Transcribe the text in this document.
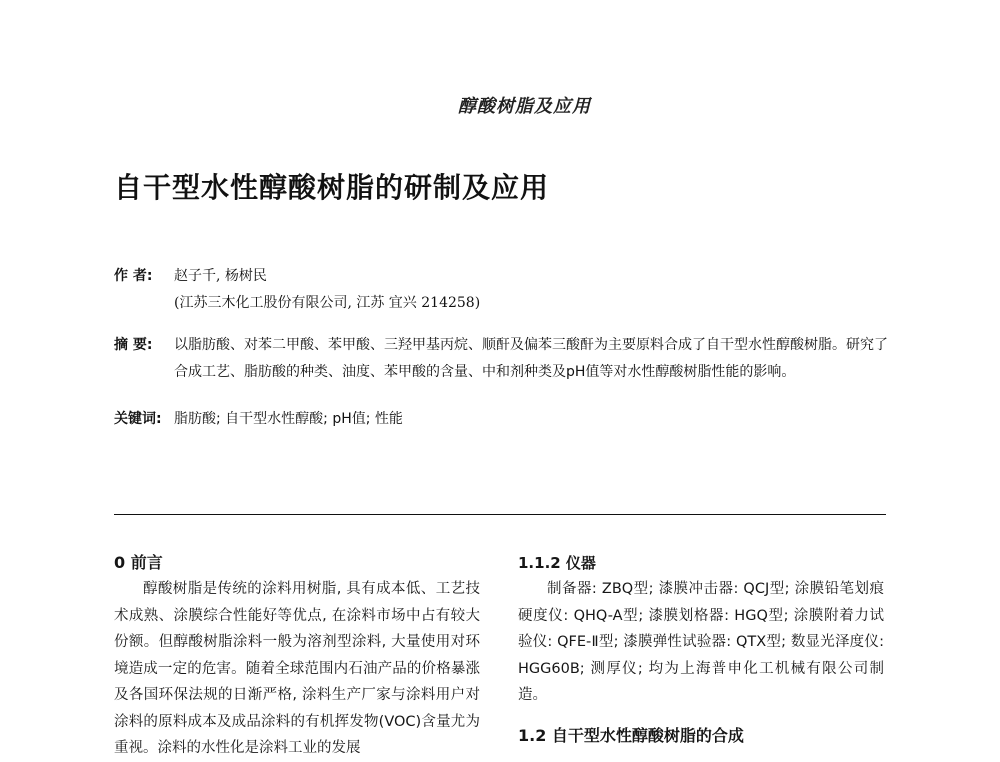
醇酸树脂及应用
自干型水性醇酸树脂的研制及应用
作 者: 赵子千, 杨树民
(江苏三木化工股份有限公司, 江苏 宜兴 214258)
摘 要: 以脂肪酸、对苯二甲酸、苯甲酸、三羟甲基丙烷、顺酐及偏苯三酸酐为主要原料合成了自干型水性醇酸树脂。研究了合成工艺、脂肪酸的种类、油度、苯甲酸的含量、中和剂种类及pH值等对水性醇酸树脂性能的影响。
关键词: 脂肪酸; 自干型水性醇酸; pH值; 性能
0 前言

醇酸树脂是传统的涂料用树脂, 具有成本低、工艺技术成熟、涂膜综合性能好等优点, 在涂料市场中占有较大份额。但醇酸树脂涂料一般为溶剂型涂料, 大量使用对环境造成一定的危害。随着全球范围内石油产品的价格暴涨及各国环保法规的日渐严格, 涂料生产厂家与涂料用户对涂料的原料成本及成品涂料的有机挥发物(VOC)含量尤为重视。涂料的水性化是涂料工业的发展

1.1.2 仪器

制备器: ZBQ型; 漆膜冲击器: QCJ型; 涂膜铅笔划痕硬度仪: QHQ-A型; 漆膜划格器: HGQ型; 涂膜附着力试验仪: QFE-Ⅱ型; 漆膜弹性试验器: QTX型; 数显光泽度仪: HGG60B; 测厚仪; 均为上海普申化工机械有限公司制造。

1.2 自干型水性醇酸树脂的合成
